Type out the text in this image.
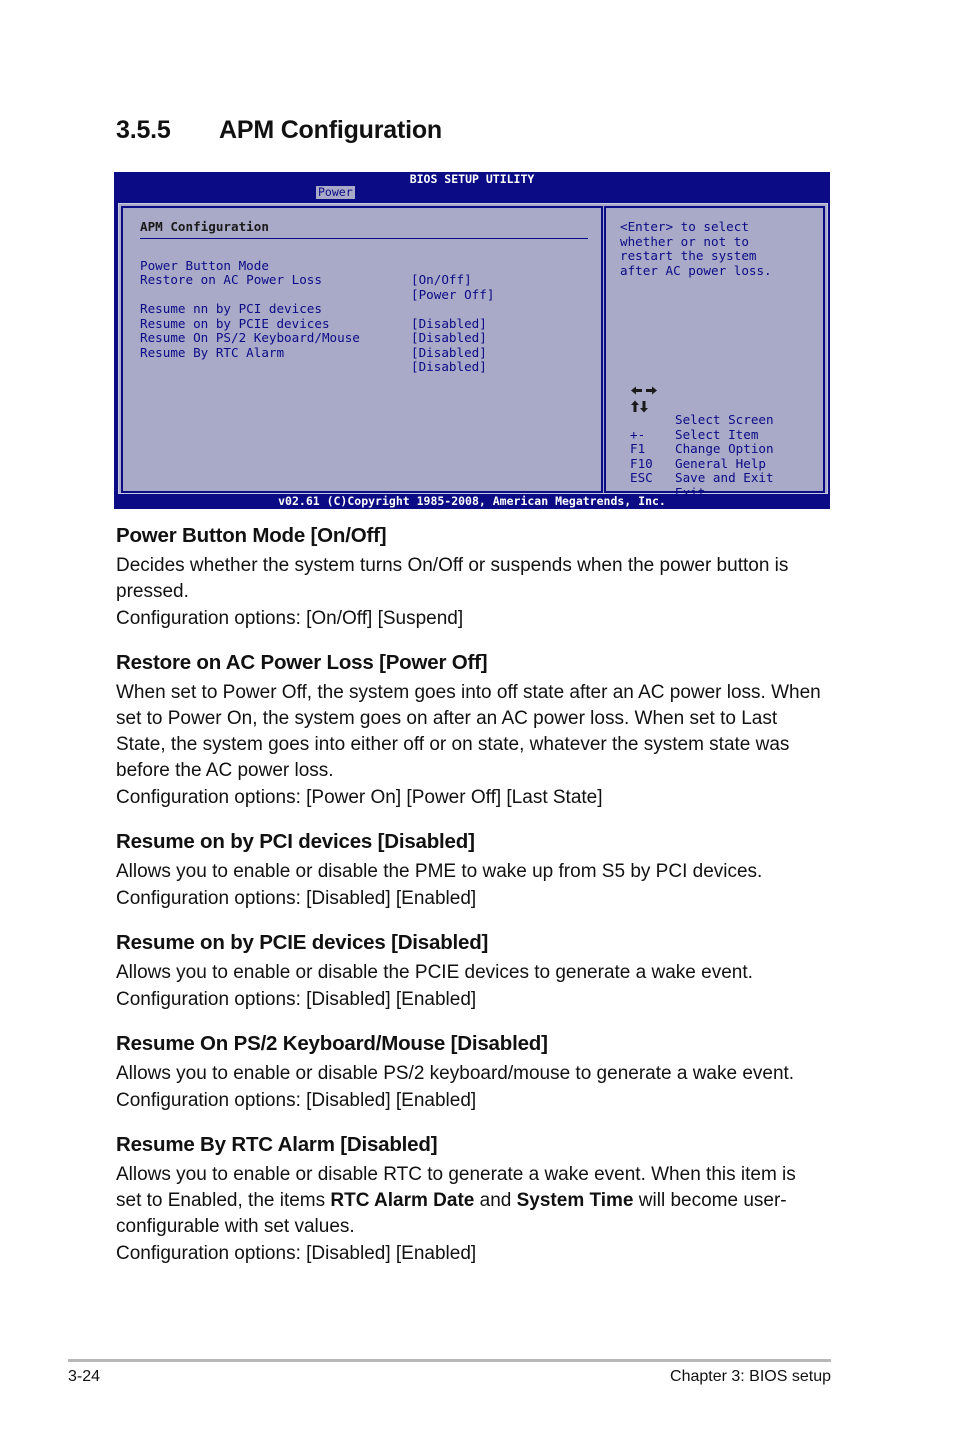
3.5.5 APM Configuration
BIOS SETUP UTILITY
Power
APM Configuration

Power Button Mode

[On/Off]

Restore on AC Power Loss

[Power Off]

Resume nn by PCI devices

[Disabled]

Resume on by PCIE devices

[Disabled]

Resume On PS/2 Keyboard/Mouse

[Disabled]

Resume By RTC Alarm

[Disabled]

<Enter> to select
whether or not to
restart the system
after AC power loss.

Select Screen

Select Item

+-

Change Option

F1

General Help

F10

Save and Exit

ESC

Exit

v02.61 (C)Copyright 1985-2008, American Megatrends, Inc.
Power Button Mode [On/Off]

Decides whether the system turns On/Off or suspends when the power button is pressed.

Configuration options: [On/Off] [Suspend]

Restore on AC Power Loss [Power Off]

When set to Power Off, the system goes into off state after an AC power loss. When set to Power On, the system goes on after an AC power loss. When set to Last State, the system goes into either off or on state, whatever the system state was before the AC power loss.

Configuration options: [Power On] [Power Off] [Last State]

Resume on by PCI devices [Disabled]

Allows you to enable or disable the PME to wake up from S5 by PCI devices.

Configuration options: [Disabled] [Enabled]

Resume on by PCIE devices [Disabled]

Allows you to enable or disable the PCIE devices to generate a wake event.

Configuration options: [Disabled] [Enabled]

Resume On PS/2 Keyboard/Mouse [Disabled]

Allows you to enable or disable PS/2 keyboard/mouse to generate a wake event.

Configuration options: [Disabled] [Enabled]

Resume By RTC Alarm [Disabled]

Allows you to enable or disable RTC to generate a wake event. When this item is set to Enabled, the items RTC Alarm Date and System Time will become user-configurable with set values.

Configuration options: [Disabled] [Enabled]

3-24	Chapter 3: BIOS setup
